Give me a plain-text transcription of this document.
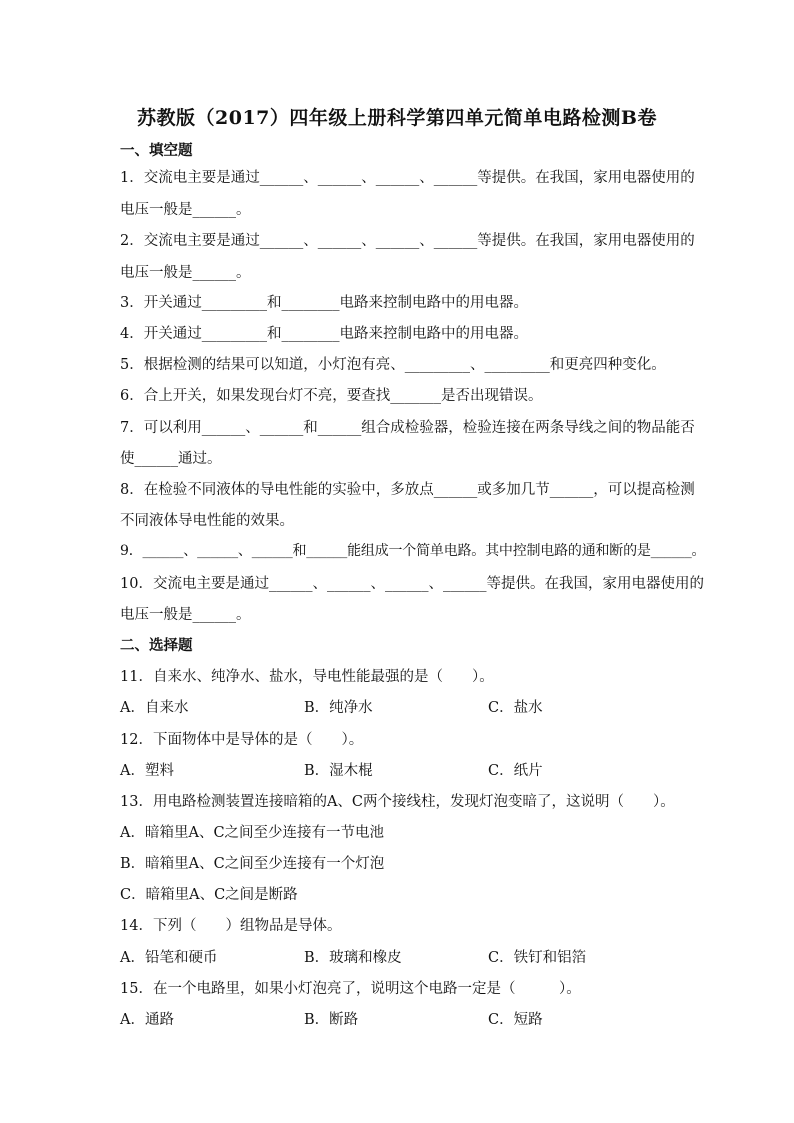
苏教版（2017）四年级上册科学第四单元简单电路检测B卷
一、填空题
1．交流电主要是通过______、______、______、______等提供。在我国，家用电器使用的
电压一般是______。
2．交流电主要是通过______、______、______、______等提供。在我国，家用电器使用的
电压一般是______。
3．开关通过_________和________电路来控制电路中的用电器。
4．开关通过_________和________电路来控制电路中的用电器。
5．根据检测的结果可以知道，小灯泡有亮、_________、_________和更亮四种变化。
6．合上开关，如果发现台灯不亮，要查找_______是否出现错误。
7．可以利用______、______和______组合成检验器，检验连接在两条导线之间的物品能否
使______通过。
8．在检验不同液体的导电性能的实验中，多放点______或多加几节______，可以提高检测
不同液体导电性能的效果。
9．______、______、______和______能组成一个简单电路。其中控制电路的通和断的是______。
10．交流电主要是通过______、______、______、______等提供。在我国，家用电器使用的
电压一般是______。
二、选择题
11．自来水、纯净水、盐水，导电性能最强的是（　　）。
A．自来水	B．纯净水	C．盐水
12．下面物体中是导体的是（　　）。
A．塑料	B．湿木棍	C．纸片
13．用电路检测装置连接暗箱的A、C两个接线柱，发现灯泡变暗了，这说明（　　）。
A．暗箱里A、C之间至少连接有一节电池
B．暗箱里A、C之间至少连接有一个灯泡
C．暗箱里A、C之间是断路
14．下列（　　）组物品是导体。
A．铅笔和硬币	B．玻璃和橡皮	C．铁钉和铝箔
15．在一个电路里，如果小灯泡亮了，说明这个电路一定是（　　　）。
A．通路	B．断路	C．短路
